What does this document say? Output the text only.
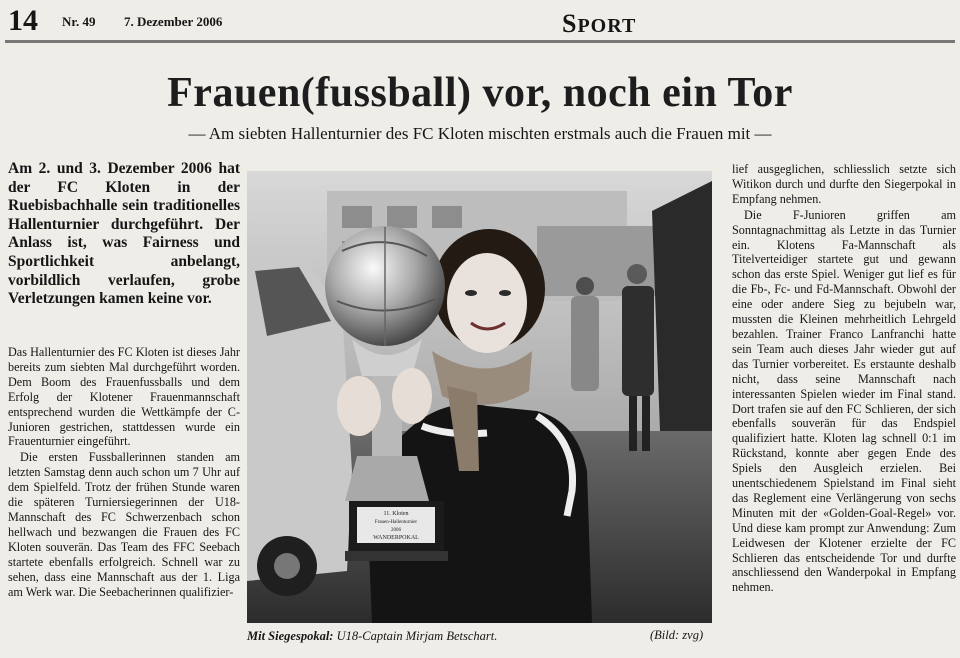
14 Nr. 49 7. Dezember 2006	SPORT
Frauen(fussball) vor, noch ein Tor
— Am siebten Hallenturnier des FC Kloten mischten erstmals auch die Frauen mit —
Am 2. und 3. Dezember 2006 hat der FC Kloten in der Ruebisbachhalle sein traditionelles Hallenturnier durchgeführt. Der Anlass ist, was Fairness und Sportlichkeit anbelangt, vorbildlich verlaufen, grobe Verletzungen kamen keine vor.

Das Hallenturnier des FC Kloten ist dieses Jahr bereits zum siebten Mal durchgeführt worden. Dem Boom des Frauenfussballs und dem Erfolg der Klotener Frauenmannschaft entsprechend wurden die Wettkämpfe der C-Junioren gestrichen, stattdessen wurde ein Frauenturnier eingeführt.

Die ersten Fussballerinnen standen am letzten Samstag denn auch schon um 7 Uhr auf dem Spielfeld. Trotz der frühen Stunde waren die späteren Turniersiegerinnen der U18-Mannschaft des FC Schwerzenbach schon hellwach und bezwangen die Frauen des FC Kloten souverän. Das Team des FFC Seebach startete ebenfalls erfolgreich. Schnell war zu sehen, dass eine Mannschaft aus der 1. Liga am Werk war. Die Seebacherinnen qualifizier-

11. Kloten
Frauen-Hallenturnier
2006
WANDERPOKAL
Mit Siegespokal: U18-Captain Mirjam Betschart.	(Bild: zvg)

lief ausgeglichen, schliesslich setzte sich Witikon durch und durfte den Siegerpokal in Empfang nehmen.

Die F-Junioren griffen am Sonntagnachmittag als Letzte in das Turnier ein. Klotens Fa-Mannschaft als Titelverteidiger startete gut und gewann schon das erste Spiel. Weniger gut lief es für die Fb-, Fc- und Fd-Mannschaft. Obwohl der eine oder andere Sieg zu bejubeln war, mussten die Kleinen mehrheitlich Lehrgeld bezahlen. Trainer Franco Lanfranchi hatte sein Team auch dieses Jahr wieder gut auf das Turnier vorbereitet. Es erstaunte deshalb nicht, dass seine Mannschaft nach interessanten Spielen wieder im Final stand. Dort trafen sie auf den FC Schlieren, der sich ebenfalls souverän für das Endspiel qualifiziert hatte. Kloten lag schnell 0:1 im Rückstand, konnte aber gegen Ende des Spiels den Ausgleich erzielen. Bei unentschiedenem Spielstand im Final sieht das Reglement eine Verlängerung von sechs Minuten mit der «Golden-Goal-Regel» vor. Und diese kam prompt zur Anwendung: Zum Leidwesen der Klotener erzielte der FC Schlieren das entscheidende Tor und durfte anschliessend den Wanderpokal in Empfang nehmen.
